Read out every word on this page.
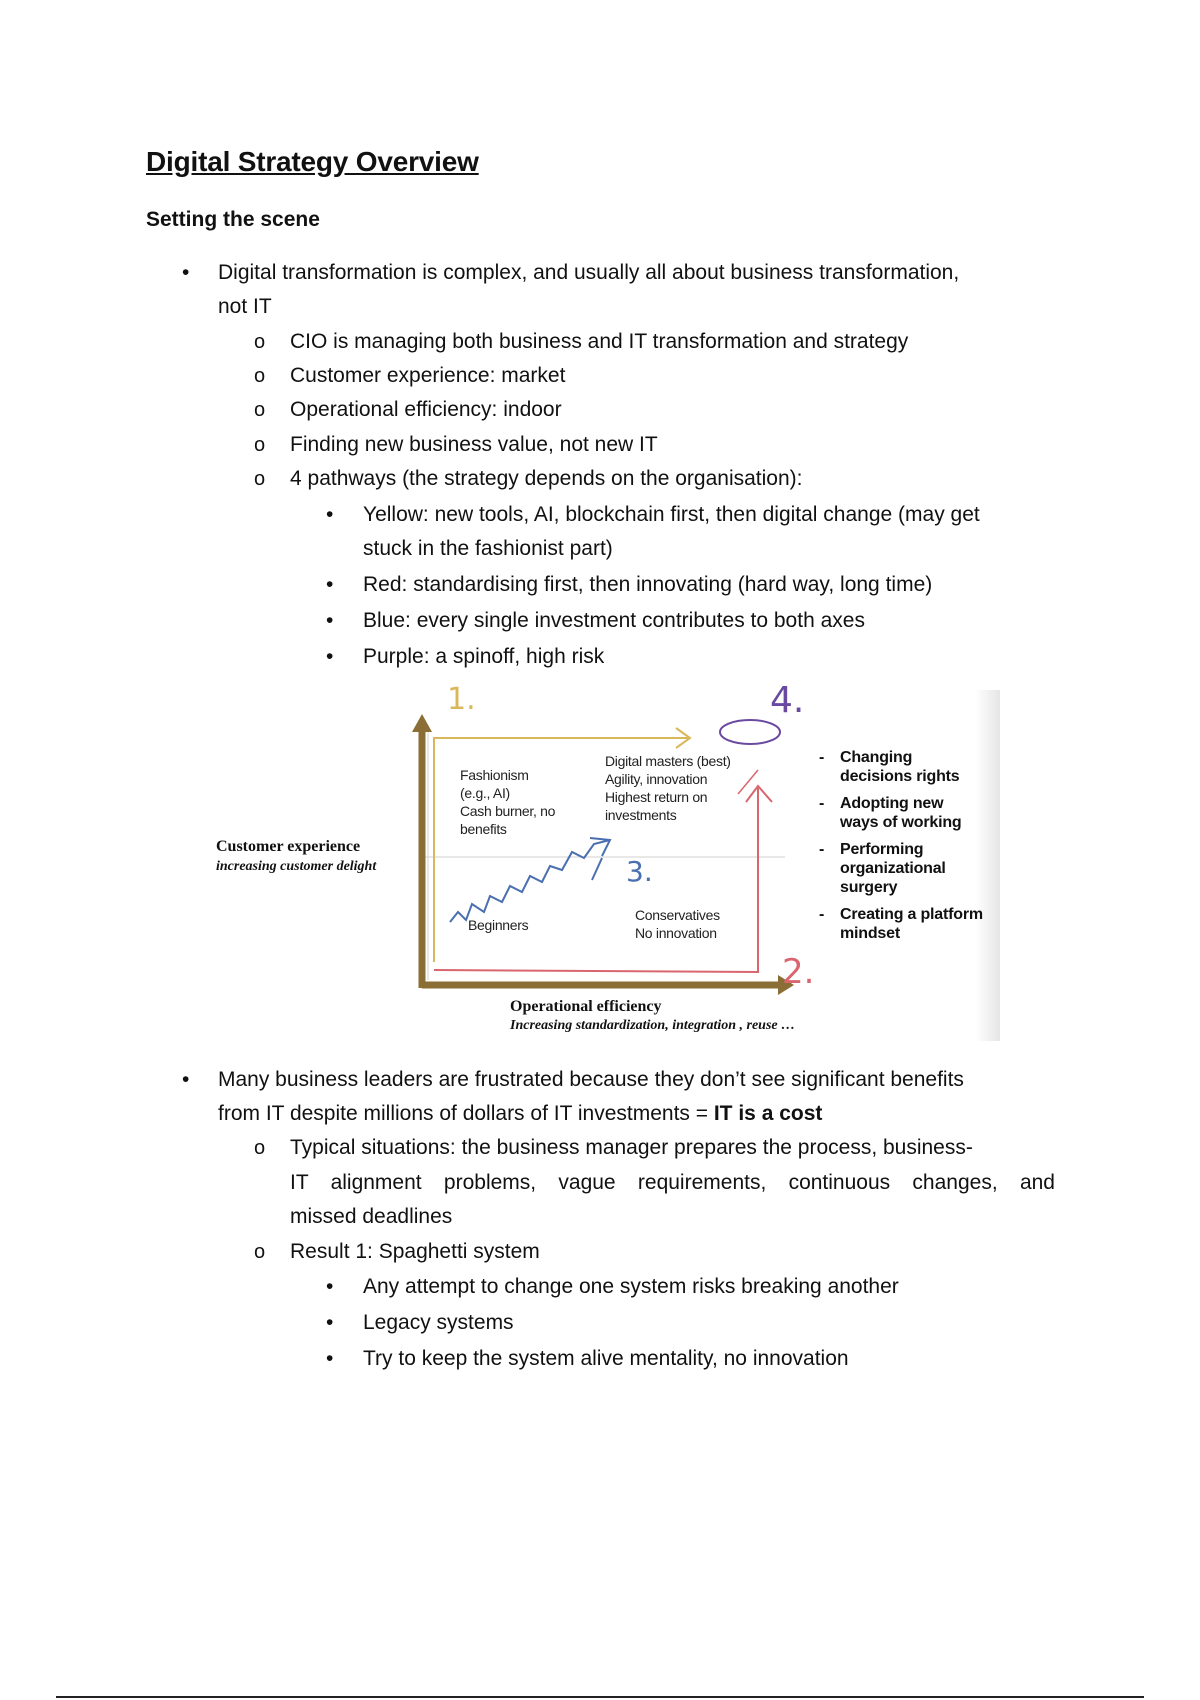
Digital Strategy Overview
Setting the scene
• Digital transformation is complex, and usually all about business transformation,
not IT
o CIO is managing both business and IT transformation and strategy
o Customer experience: market
o Operational efficiency: indoor
o Finding new business value, not new IT
o 4 pathways (the strategy depends on the organisation):
• Yellow: new tools, AI, blockchain first, then digital change (may get
stuck in the fashionist part)
• Red: standardising first, then innovating (hard way, long time)
• Blue: every single investment contributes to both axes
• Purple: a spinoff, high risk
1.
2.
3.
4.
Fashionism
(e.g., AI)
Cash burner, no
benefits
Digital masters (best)
Agility, innovation
Highest return on
investments
Beginners
Conservatives
No innovation
Customer experience
increasing customer delight
Operational efficiency
Increasing standardization, integration , reuse …
- Changing decisions rights
- Adopting new ways of working
- Performing organizational surgery
- Creating a platform mindset
• Many business leaders are frustrated because they don’t see significant benefits
from IT despite millions of dollars of IT investments = IT is a cost
o Typical situations: the business manager prepares the process, business-
IT alignment problems, vague requirements, continuous changes, and
missed deadlines
o Result 1: Spaghetti system
• Any attempt to change one system risks breaking another
• Legacy systems
• Try to keep the system alive mentality, no innovation
